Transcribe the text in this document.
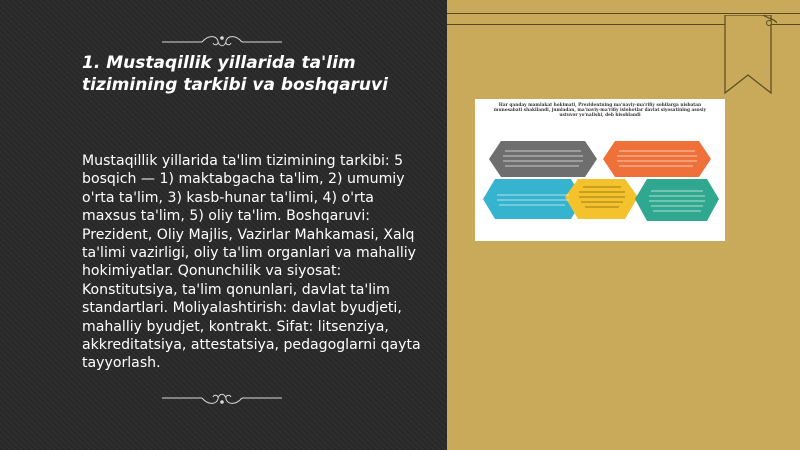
1. Mustaqillik yillarida ta'lim tizimining tarkibi va boshqaruvi
Mustaqillik yillarida ta'lim tizimining tarkibi: 5 bosqich — 1) maktabgacha ta'lim, 2) umumiy o'rta ta'lim, 3) kasb-hunar ta'limi, 4) o'rta maxsus ta'lim, 5) oliy ta'lim. Boshqaruvi: Prezident, Oliy Majlis, Vazirlar Mahkamasi, Xalq ta'limi vazirligi, oliy ta'lim organlari va mahalliy hokimiyatlar. Qonunchilik va siyosat: Konstitutsiya, ta'lim qonunlari, davlat ta'lim standartlari. Moliyalashtirish: davlat byudjeti, mahalliy byudjet, kontrakt. Sifat: litsenziya, akkreditatsiya, attestatsiya, pedagoglarni qayta tayyorlash.
Har qanday mamlakat hokimati, Prezidentning ma'naviy-ma'rifiy sohilarga nisbatan munosabati shakllandi, jumladan, ma'naviy-ma'rifiy islohotlar davlat siyosatining asosiy ustuvor yo'nalishi, deb hisoblandi
